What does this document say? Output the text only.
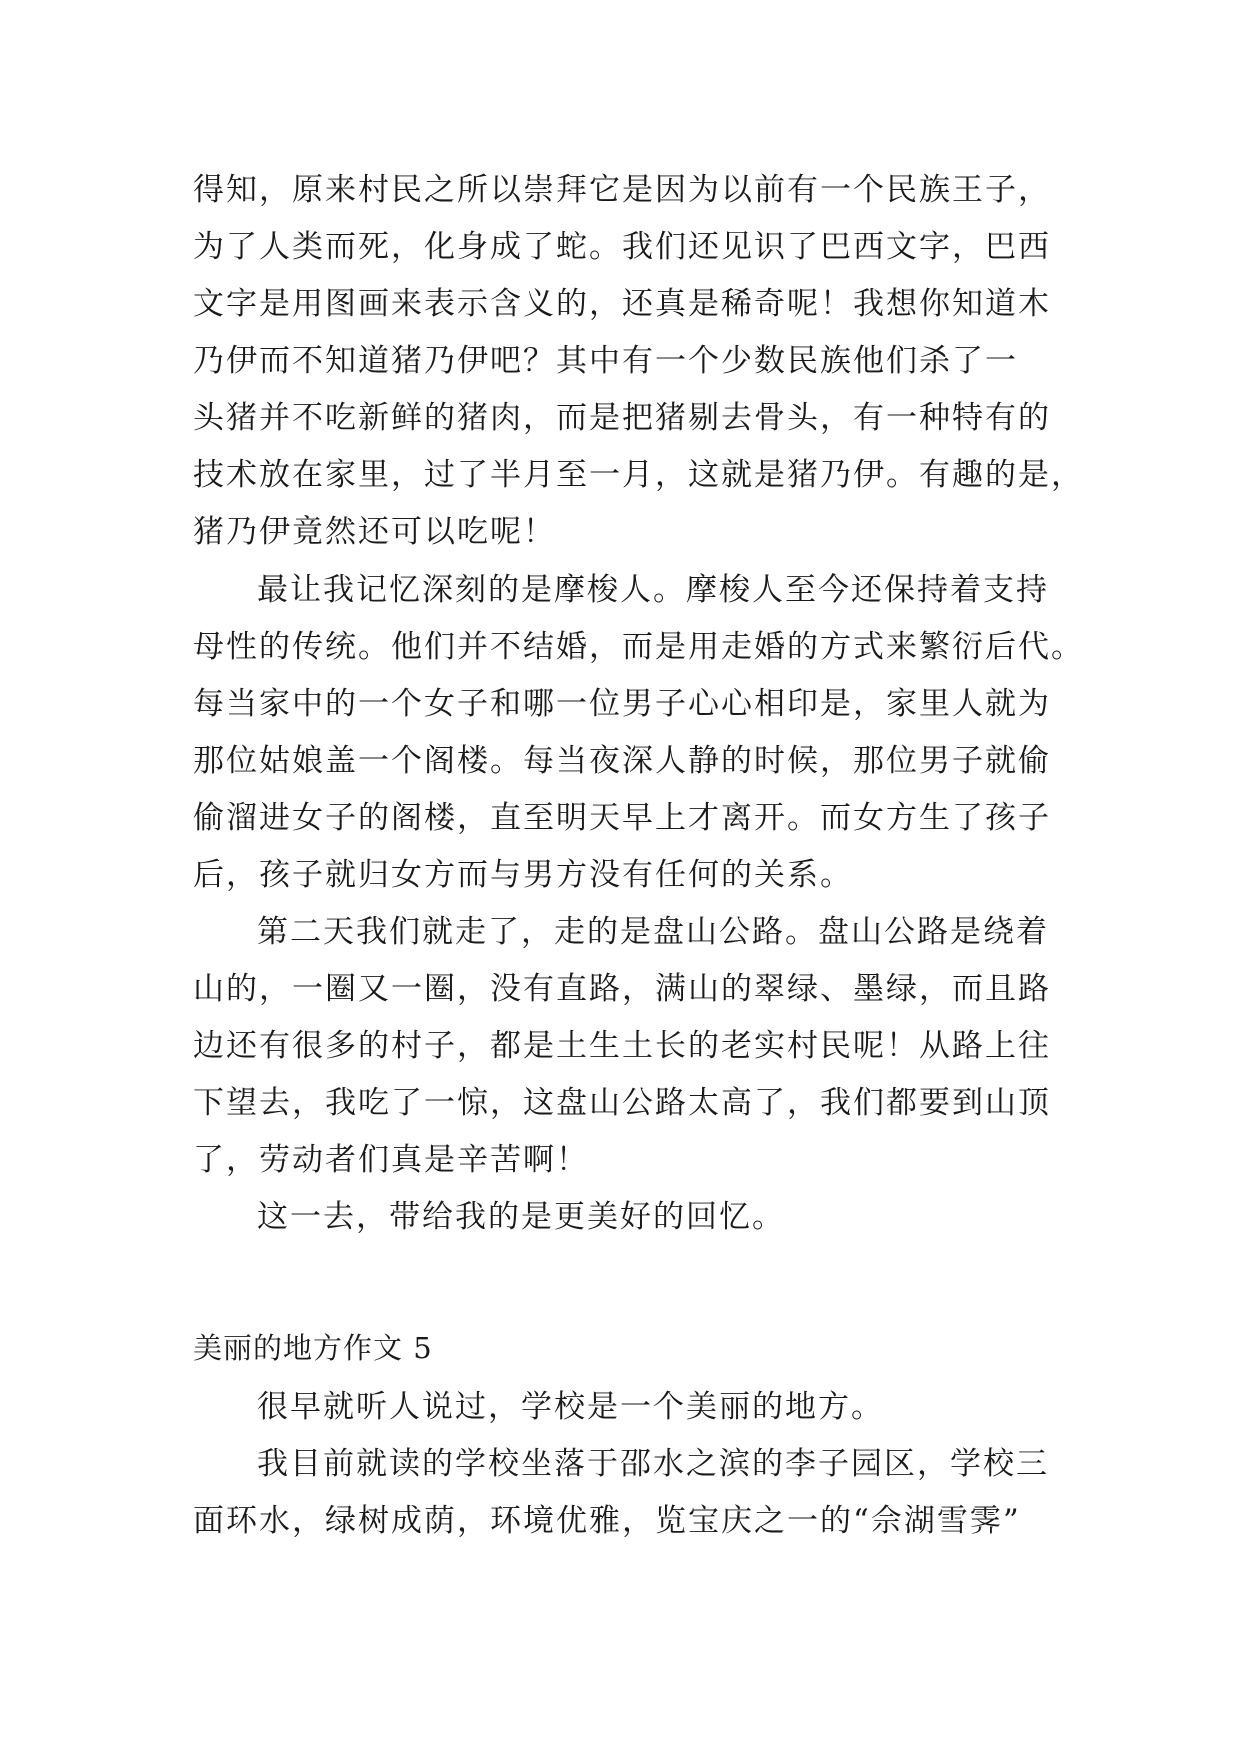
得知，原来村民之所以崇拜它是因为以前有一个民族王子，
为了人类而死，化身成了蛇。我们还见识了巴西文字，巴西
文字是用图画来表示含义的，还真是稀奇呢！我想你知道木
乃伊而不知道猪乃伊吧？其中有一个少数民族他们杀了一
头猪并不吃新鲜的猪肉，而是把猪剔去骨头，有一种特有的
技术放在家里，过了半月至一月，这就是猪乃伊。有趣的是，
猪乃伊竟然还可以吃呢！
最让我记忆深刻的是摩梭人。摩梭人至今还保持着支持
母性的传统。他们并不结婚，而是用走婚的方式来繁衍后代。
每当家中的一个女子和哪一位男子心心相印是，家里人就为
那位姑娘盖一个阁楼。每当夜深人静的时候，那位男子就偷
偷溜进女子的阁楼，直至明天早上才离开。而女方生了孩子
后，孩子就归女方而与男方没有任何的关系。
第二天我们就走了，走的是盘山公路。盘山公路是绕着
山的，一圈又一圈，没有直路，满山的翠绿、墨绿，而且路
边还有很多的村子，都是土生土长的老实村民呢！从路上往
下望去，我吃了一惊，这盘山公路太高了，我们都要到山顶
了，劳动者们真是辛苦啊！
这一去，带给我的是更美好的回忆。
美丽的地方作文 5
很早就听人说过，学校是一个美丽的地方。
我目前就读的学校坐落于邵水之滨的李子园区，学校三
面环水，绿树成荫，环境优雅，览宝庆之一的“佘湖雪霁”
